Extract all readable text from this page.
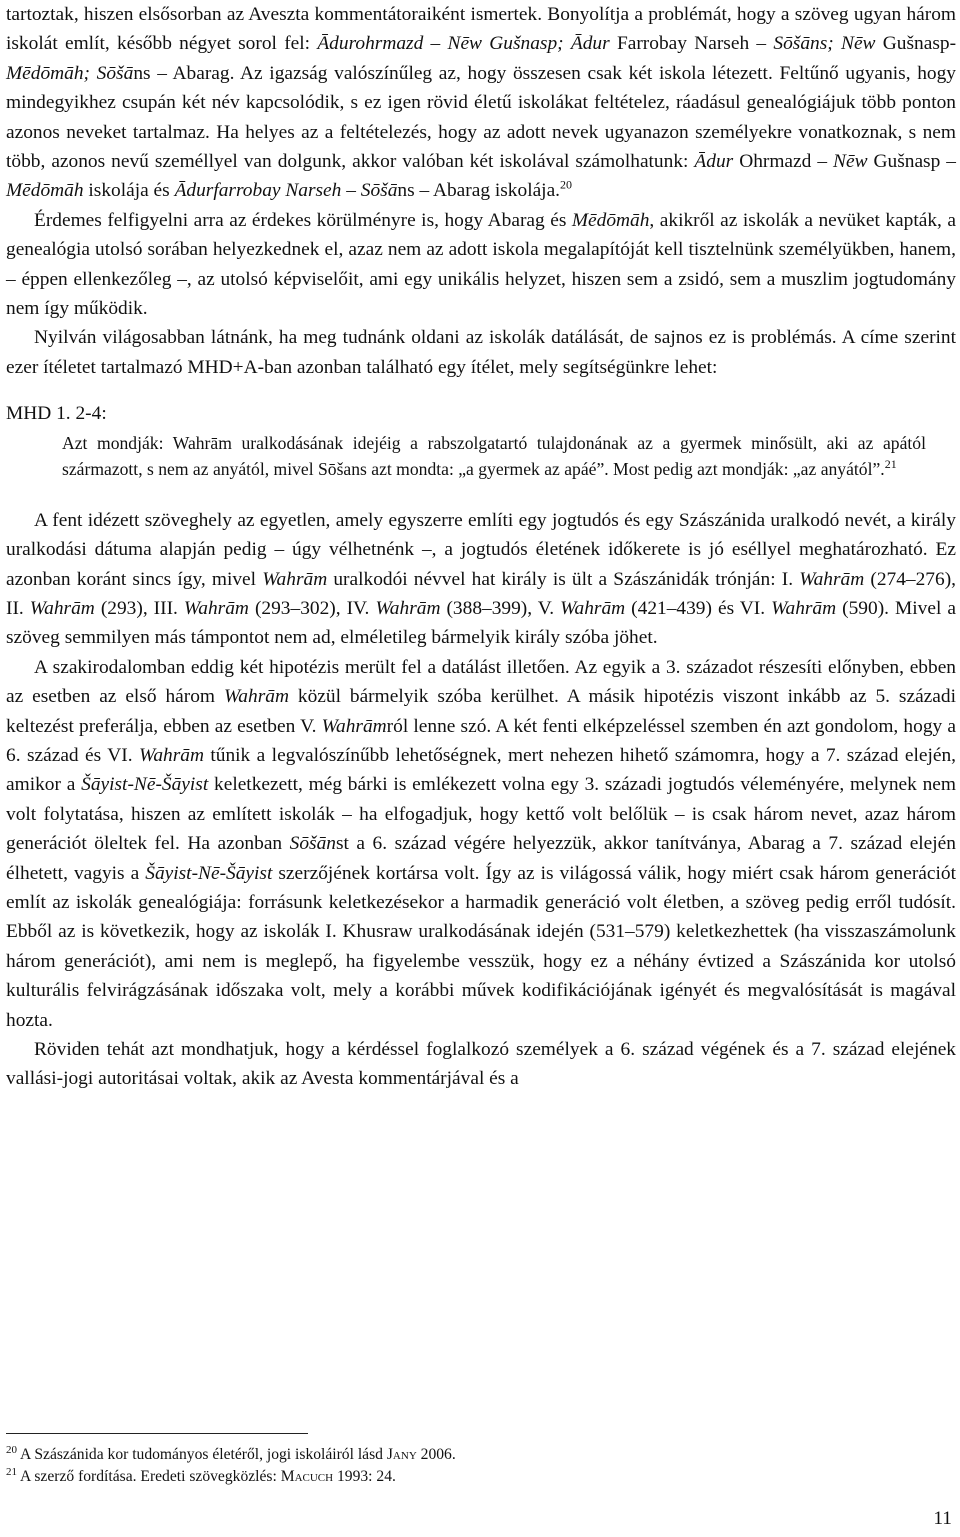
tartoztak, hiszen elsősorban az Aveszta kommentátoraiként ismertek. Bonyolítja a problémát, hogy a szöveg ugyan három iskolát említ, később négyet sorol fel: Ādurohrmazd – Nēw Gušnasp; Ādur Farrobay Narseh – Sōšāns; Nēw Gušnasp-Mēdōmāh; Sōšāns – Abarag. Az igazság valószínűleg az, hogy összesen csak két iskola létezett. Feltűnő ugyanis, hogy mindegyikhez csupán két név kapcsolódik, s ez igen rövid életű iskolákat feltételez, ráadásul genealógiájuk több ponton azonos neveket tartalmaz. Ha helyes az a feltételezés, hogy az adott nevek ugyanazon személyekre vonatkoznak, s nem több, azonos nevű személlyel van dolgunk, akkor valóban két iskolával számolhatunk: Ādur Ohrmazd – Nēw Gušnasp – Mēdōmāh iskolája és Ādurfarrobay Narseh – Sōšāns – Abarag iskolája.$^{20}$

Érdemes felfigyelni arra az érdekes körülményre is, hogy Abarag és Mēdōmāh, akikről az iskolák a nevüket kapták, a genealógia utolsó sorában helyezkednek el, azaz nem az adott iskola megalapítóját kell tisztelnünk személyükben, hanem, – éppen ellenkezőleg –, az utolsó képviselőit, ami egy unikális helyzet, hiszen sem a zsidó, sem a muszlim jogtudomány nem így működik.

Nyilván világosabban látnánk, ha meg tudnánk oldani az iskolák datálását, de sajnos ez is problémás. A címe szerint ezer ítéletet tartalmazó MHD+A-ban azonban található egy ítélet, mely segítségünkre lehet:

MHD 1. 2-4:

Azt mondják: Wahrām uralkodásának idejéig a rabszolgatartó tulajdonának az a gyermek minősült, aki az apától származott, s nem az anyától, mivel Sōšans azt mondta: „a gyermek az apáé”. Most pedig azt mondják: „az anyától”.$^{21}$

A fent idézett szöveghely az egyetlen, amely egyszerre említi egy jogtudós és egy Szászánida uralkodó nevét, a király uralkodási dátuma alapján pedig – úgy vélhetnénk –, a jogtudós életének időkerete is jó eséllyel meghatározható. Ez azonban koránt sincs így, mivel Wahrām uralkodói névvel hat király is ült a Szászánidák trónján: I. Wahrām (274–276), II. Wahrām (293), III. Wahrām (293–302), IV. Wahrām (388–399), V. Wahrām (421–439) és VI. Wahrām (590). Mivel a szöveg semmilyen más támpontot nem ad, elméletileg bármelyik király szóba jöhet.

A szakirodalomban eddig két hipotézis merült fel a datálást illetően. Az egyik a 3. századot részesíti előnyben, ebben az esetben az első három Wahrām közül bármelyik szóba kerülhet. A másik hipotézis viszont inkább az 5. századi keltezést preferálja, ebben az esetben V. Wahrāmról lenne szó. A két fenti elképzeléssel szemben én azt gondolom, hogy a 6. század és VI. Wahrām tűnik a legvalószínűbb lehetőségnek, mert nehezen hihető számomra, hogy a 7. század elején, amikor a Šāyist-Nē-Šāyist keletkezett, még bárki is emlékezett volna egy 3. századi jogtudós véleményére, melynek nem volt folytatása, hiszen az említett iskolák – ha elfogadjuk, hogy kettő volt belőlük – is csak három nevet, azaz három generációt öleltek fel. Ha azonban Sōšānst a 6. század végére helyezzük, akkor tanítványa, Abarag a 7. század elején élhetett, vagyis a Šāyist-Nē-Šāyist szerzőjének kortársa volt. Így az is világossá válik, hogy miért csak három generációt említ az iskolák genealógiája: forrásunk keletkezésekor a harmadik generáció volt életben, a szöveg pedig erről tudósít. Ebből az is következik, hogy az iskolák I. Khusraw uralkodásának idején (531–579) keletkezhettek (ha visszaszámolunk három generációt), ami nem is meglepő, ha figyelembe vesszük, hogy ez a néhány évtized a Szászánida kor utolsó kulturális felvirágzásának időszaka volt, mely a korábbi művek kodifikációjának igényét és megvalósítását is magával hozta.

Röviden tehát azt mondhatjuk, hogy a kérdéssel foglalkozó személyek a 6. század végének és a 7. század elejének vallási-jogi autoritásai voltak, akik az Avesta kommentárjával és a

$^{20}$ A Szászánida kor tudományos életéről, jogi iskoláiról lásd Jany 2006.
$^{21}$ A szerző fordítása. Eredeti szövegközlés: Macuch 1993: 24.
11
